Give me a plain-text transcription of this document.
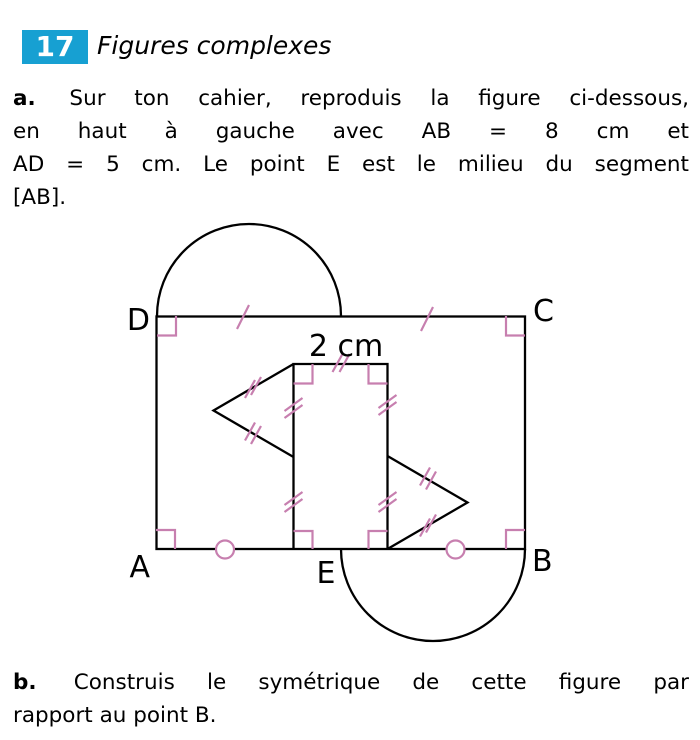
17 Figures complexes
a. Sur ton cahier, reproduis la figure ci-dessous,
en haut à gauche avec AB = 8 cm et
AD = 5 cm. Le point E est le milieu du segment
[AB].
D	C
A	B
E
2 cm
b. Construis le symétrique de cette figure par
rapport au point B.
